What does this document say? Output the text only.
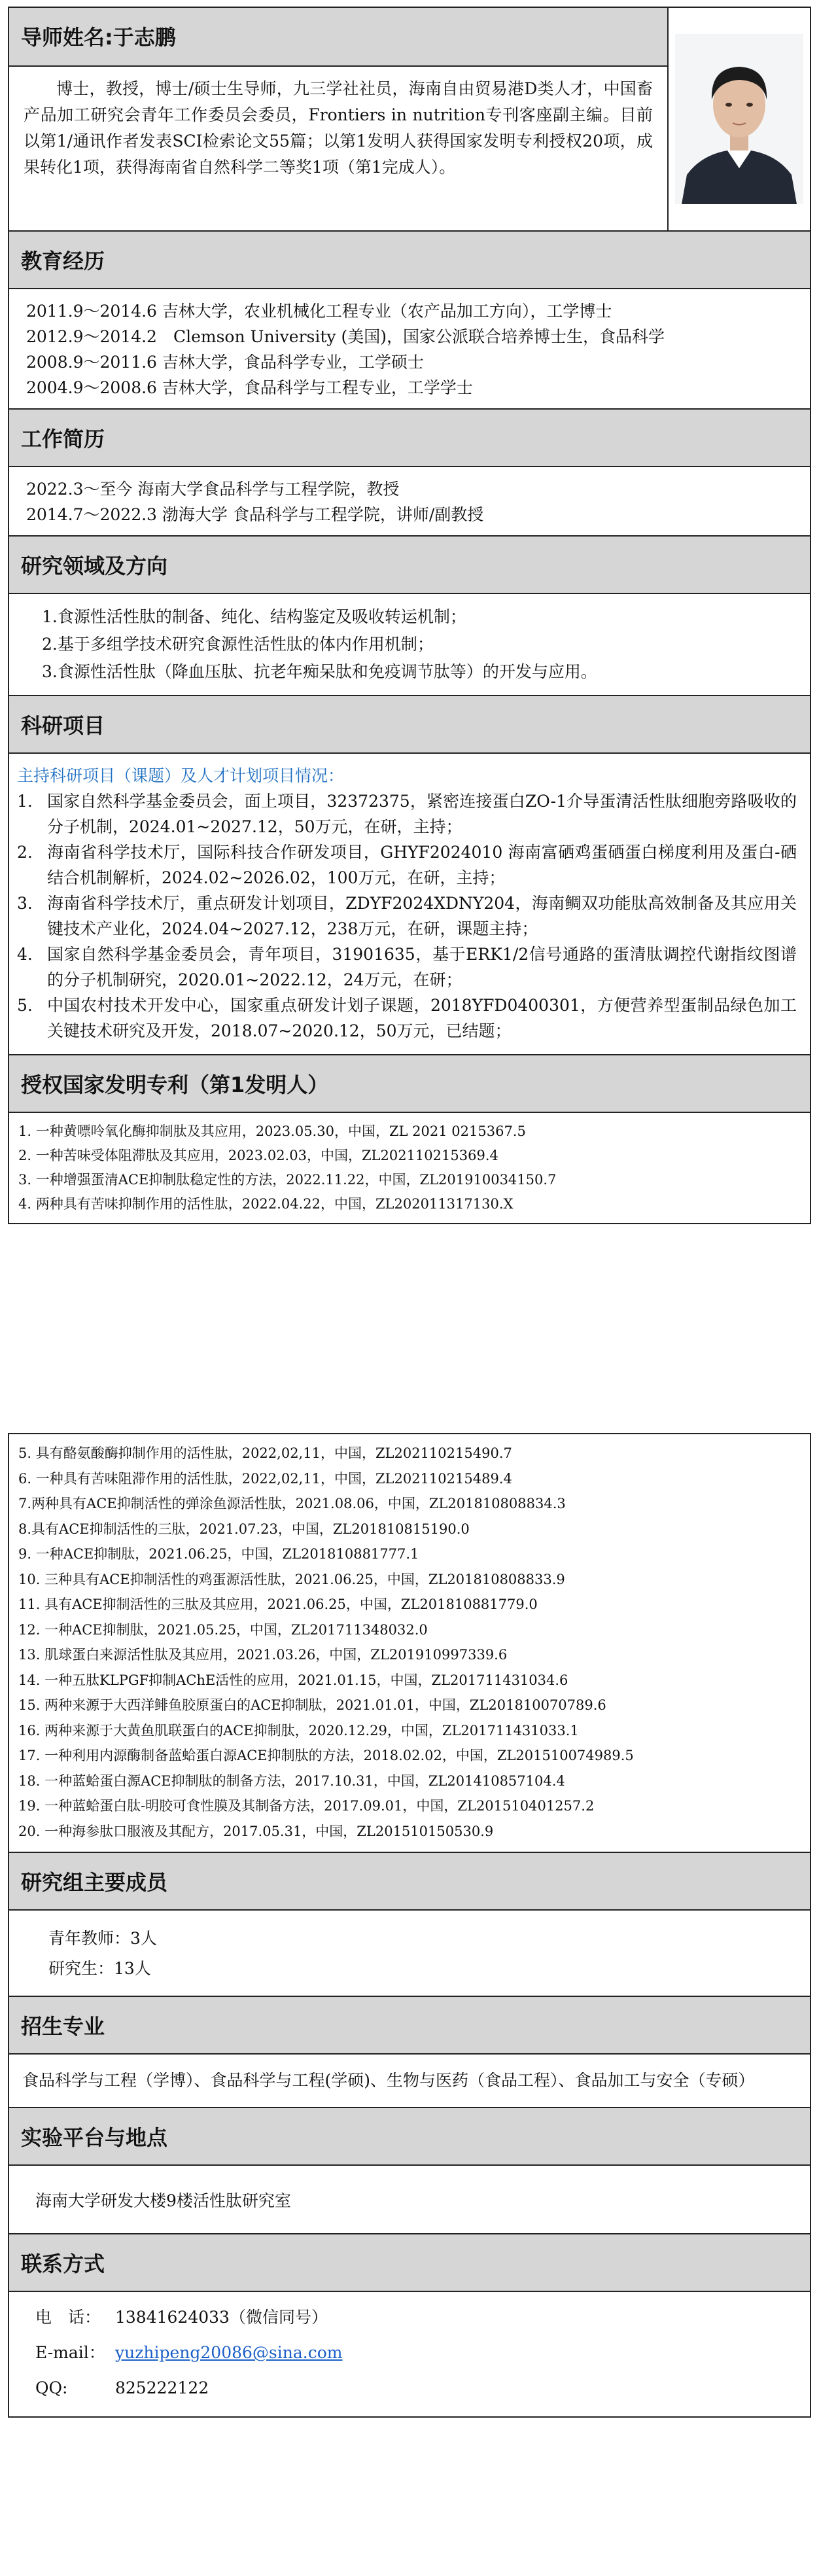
导师姓名:于志鹏
博士，教授，博士/硕士生导师，九三学社社员，海南自由贸易港D类人才，中国畜产品加工研究会青年工作委员会委员，Frontiers in nutrition专刊客座副主编。目前以第1/通讯作者发表SCI检索论文55篇；以第1发明人获得国家发明专利授权20项，成果转化1项，获得海南省自然科学二等奖1项（第1完成人）。
教育经历
2011.9～2014.6 吉林大学，农业机械化工程专业（农产品加工方向），工学博士
2012.9～2014.2　Clemson University (美国)，国家公派联合培养博士生，食品科学
2008.9～2011.6 吉林大学，食品科学专业，工学硕士
2004.9～2008.6 吉林大学，食品科学与工程专业，工学学士
工作简历
2022.3～至今 海南大学食品科学与工程学院，教授
2014.7～2022.3 渤海大学 食品科学与工程学院，讲师/副教授
研究领域及方向
1.食源性活性肽的制备、纯化、结构鉴定及吸收转运机制；
2.基于多组学技术研究食源性活性肽的体内作用机制；
3.食源性活性肽（降血压肽、抗老年痴呆肽和免疫调节肽等）的开发与应用。
科研项目
主持科研项目（课题）及人才计划项目情况：
1. 国家自然科学基金委员会，面上项目，32372375，紧密连接蛋白ZO-1介导蛋清活性肽细胞旁路吸收的分子机制，2024.01~2027.12，50万元，在研，主持；
2. 海南省科学技术厅，国际科技合作研发项目，GHYF2024010 海南富硒鸡蛋硒蛋白梯度利用及蛋白-硒结合机制解析，2024.02~2026.02，100万元，在研，主持；
3. 海南省科学技术厅，重点研发计划项目，ZDYF2024XDNY204，海南鲷双功能肽高效制备及其应用关键技术产业化，2024.04~2027.12，238万元，在研，课题主持；
4. 国家自然科学基金委员会，青年项目，31901635，基于ERK1/2信号通路的蛋清肽调控代谢指纹图谱的分子机制研究，2020.01~2022.12，24万元，在研；
5. 中国农村技术开发中心，国家重点研发计划子课题，2018YFD0400301，方便营养型蛋制品绿色加工关键技术研究及开发，2018.07~2020.12，50万元，已结题；
授权国家发明专利（第1发明人）
1. 一种黄嘌呤氧化酶抑制肽及其应用，2023.05.30，中国，ZL 2021 0215367.5
2. 一种苦味受体阻滞肽及其应用，2023.02.03，中国，ZL202110215369.4
3. 一种增强蛋清ACE抑制肽稳定性的方法，2022.11.22，中国，ZL201910034150.7
4. 两种具有苦味抑制作用的活性肽，2022.04.22，中国，ZL202011317130.X
5. 具有酪氨酸酶抑制作用的活性肽，2022,02,11，中国，ZL202110215490.7
6. 一种具有苦味阻滞作用的活性肽，2022,02,11，中国，ZL202110215489.4
7.两种具有ACE抑制活性的弹涂鱼源活性肽，2021.08.06，中国，ZL201810808834.3
8.具有ACE抑制活性的三肽，2021.07.23，中国，ZL201810815190.0
9. 一种ACE抑制肽，2021.06.25，中国，ZL201810881777.1
10. 三种具有ACE抑制活性的鸡蛋源活性肽，2021.06.25，中国，ZL201810808833.9
11. 具有ACE抑制活性的三肽及其应用，2021.06.25，中国，ZL201810881779.0
12. 一种ACE抑制肽，2021.05.25，中国，ZL201711348032.0
13. 肌球蛋白来源活性肽及其应用，2021.03.26，中国，ZL201910997339.6
14. 一种五肽KLPGF抑制AChE活性的应用，2021.01.15，中国，ZL201711431034.6
15. 两种来源于大西洋鲱鱼胶原蛋白的ACE抑制肽，2021.01.01，中国，ZL201810070789.6
16. 两种来源于大黄鱼肌联蛋白的ACE抑制肽，2020.12.29，中国，ZL201711431033.1
17. 一种利用内源酶制备蓝蛤蛋白源ACE抑制肽的方法，2018.02.02，中国，ZL201510074989.5
18. 一种蓝蛤蛋白源ACE抑制肽的制备方法，2017.10.31，中国，ZL201410857104.4
19. 一种蓝蛤蛋白肽-明胶可食性膜及其制备方法，2017.09.01，中国，ZL201510401257.2
20. 一种海参肽口服液及其配方，2017.05.31，中国，ZL201510150530.9
研究组主要成员
青年教师：3人
研究生：13人
招生专业
食品科学与工程（学博）、食品科学与工程(学硕)、生物与医药（食品工程）、食品加工与安全（专硕）
实验平台与地点
海南大学研发大楼9楼活性肽研究室
联系方式
电　话： 13841624033（微信同号）
E-mail： yuzhipeng20086@sina.com
QQ:	825222122
